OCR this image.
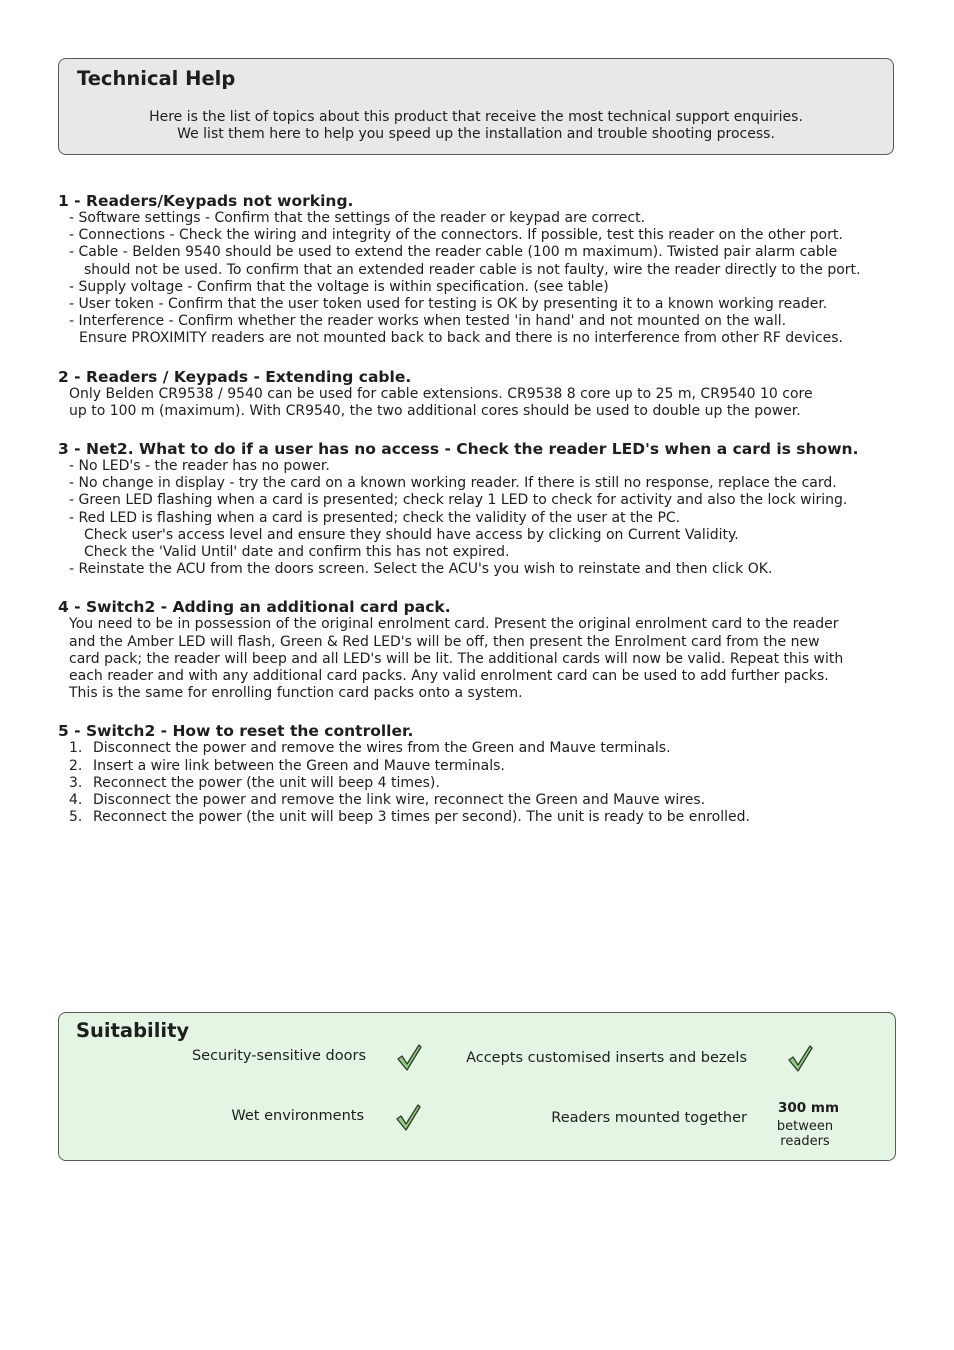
Technical Help
Here is the list of topics about this product that receive the most technical support enquiries.
We list them here to help you speed up the installation and trouble shooting process.
1 - Readers/Keypads not working.
- Software settings - Confirm that the settings of the reader or keypad are correct.
- Connections - Check the wiring and integrity of the connectors. If possible, test this reader on the other port.
- Cable - Belden 9540 should be used to extend the reader cable (100 m maximum). Twisted pair alarm cable
should not be used. To confirm that an extended reader cable is not faulty, wire the reader directly to the port.
- Supply voltage - Confirm that the voltage is within specification. (see table)
- User token - Confirm that the user token used for testing is OK by presenting it to a known working reader.
- Interference - Confirm whether the reader works when tested 'in hand' and not mounted on the wall.
Ensure PROXIMITY readers are not mounted back to back and there is no interference from other RF devices.
2 - Readers / Keypads - Extending cable.
Only Belden CR9538 / 9540 can be used for cable extensions. CR9538 8 core up to 25 m, CR9540 10 core
up to 100 m (maximum). With CR9540, the two additional cores should be used to double up the power.
3 - Net2. What to do if a user has no access - Check the reader LED's when a card is shown.
- No LED's - the reader has no power.
- No change in display - try the card on a known working reader. If there is still no response, replace the card.
- Green LED flashing when a card is presented; check relay 1 LED to check for activity and also the lock wiring.
- Red LED is flashing when a card is presented; check the validity of the user at the PC.
Check user's access level and ensure they should have access by clicking on Current Validity.
Check the 'Valid Until' date and confirm this has not expired.
- Reinstate the ACU from the doors screen. Select the ACU's you wish to reinstate and then click OK.
4 - Switch2 - Adding an additional card pack.
You need to be in possession of the original enrolment card. Present the original enrolment card to the reader
and the Amber LED will flash, Green & Red LED's will be off, then present the Enrolment card from the new
card pack; the reader will beep and all LED's will be lit. The additional cards will now be valid. Repeat this with
each reader and with any additional card packs. Any valid enrolment card can be used to add further packs.
This is the same for enrolling function card packs onto a system.
5 - Switch2 - How to reset the controller.
1. Disconnect the power and remove the wires from the Green and Mauve terminals.
2. Insert a wire link between the Green and Mauve terminals.
3. Reconnect the power (the unit will beep 4 times).
4. Disconnect the power and remove the link wire, reconnect the Green and Mauve wires.
5. Reconnect the power (the unit will beep 3 times per second). The unit is ready to be enrolled.
Suitability
Security-sensitive doors	Accepts customised inserts and bezels
Wet environments	Readers mounted together
300 mm
between
readers
